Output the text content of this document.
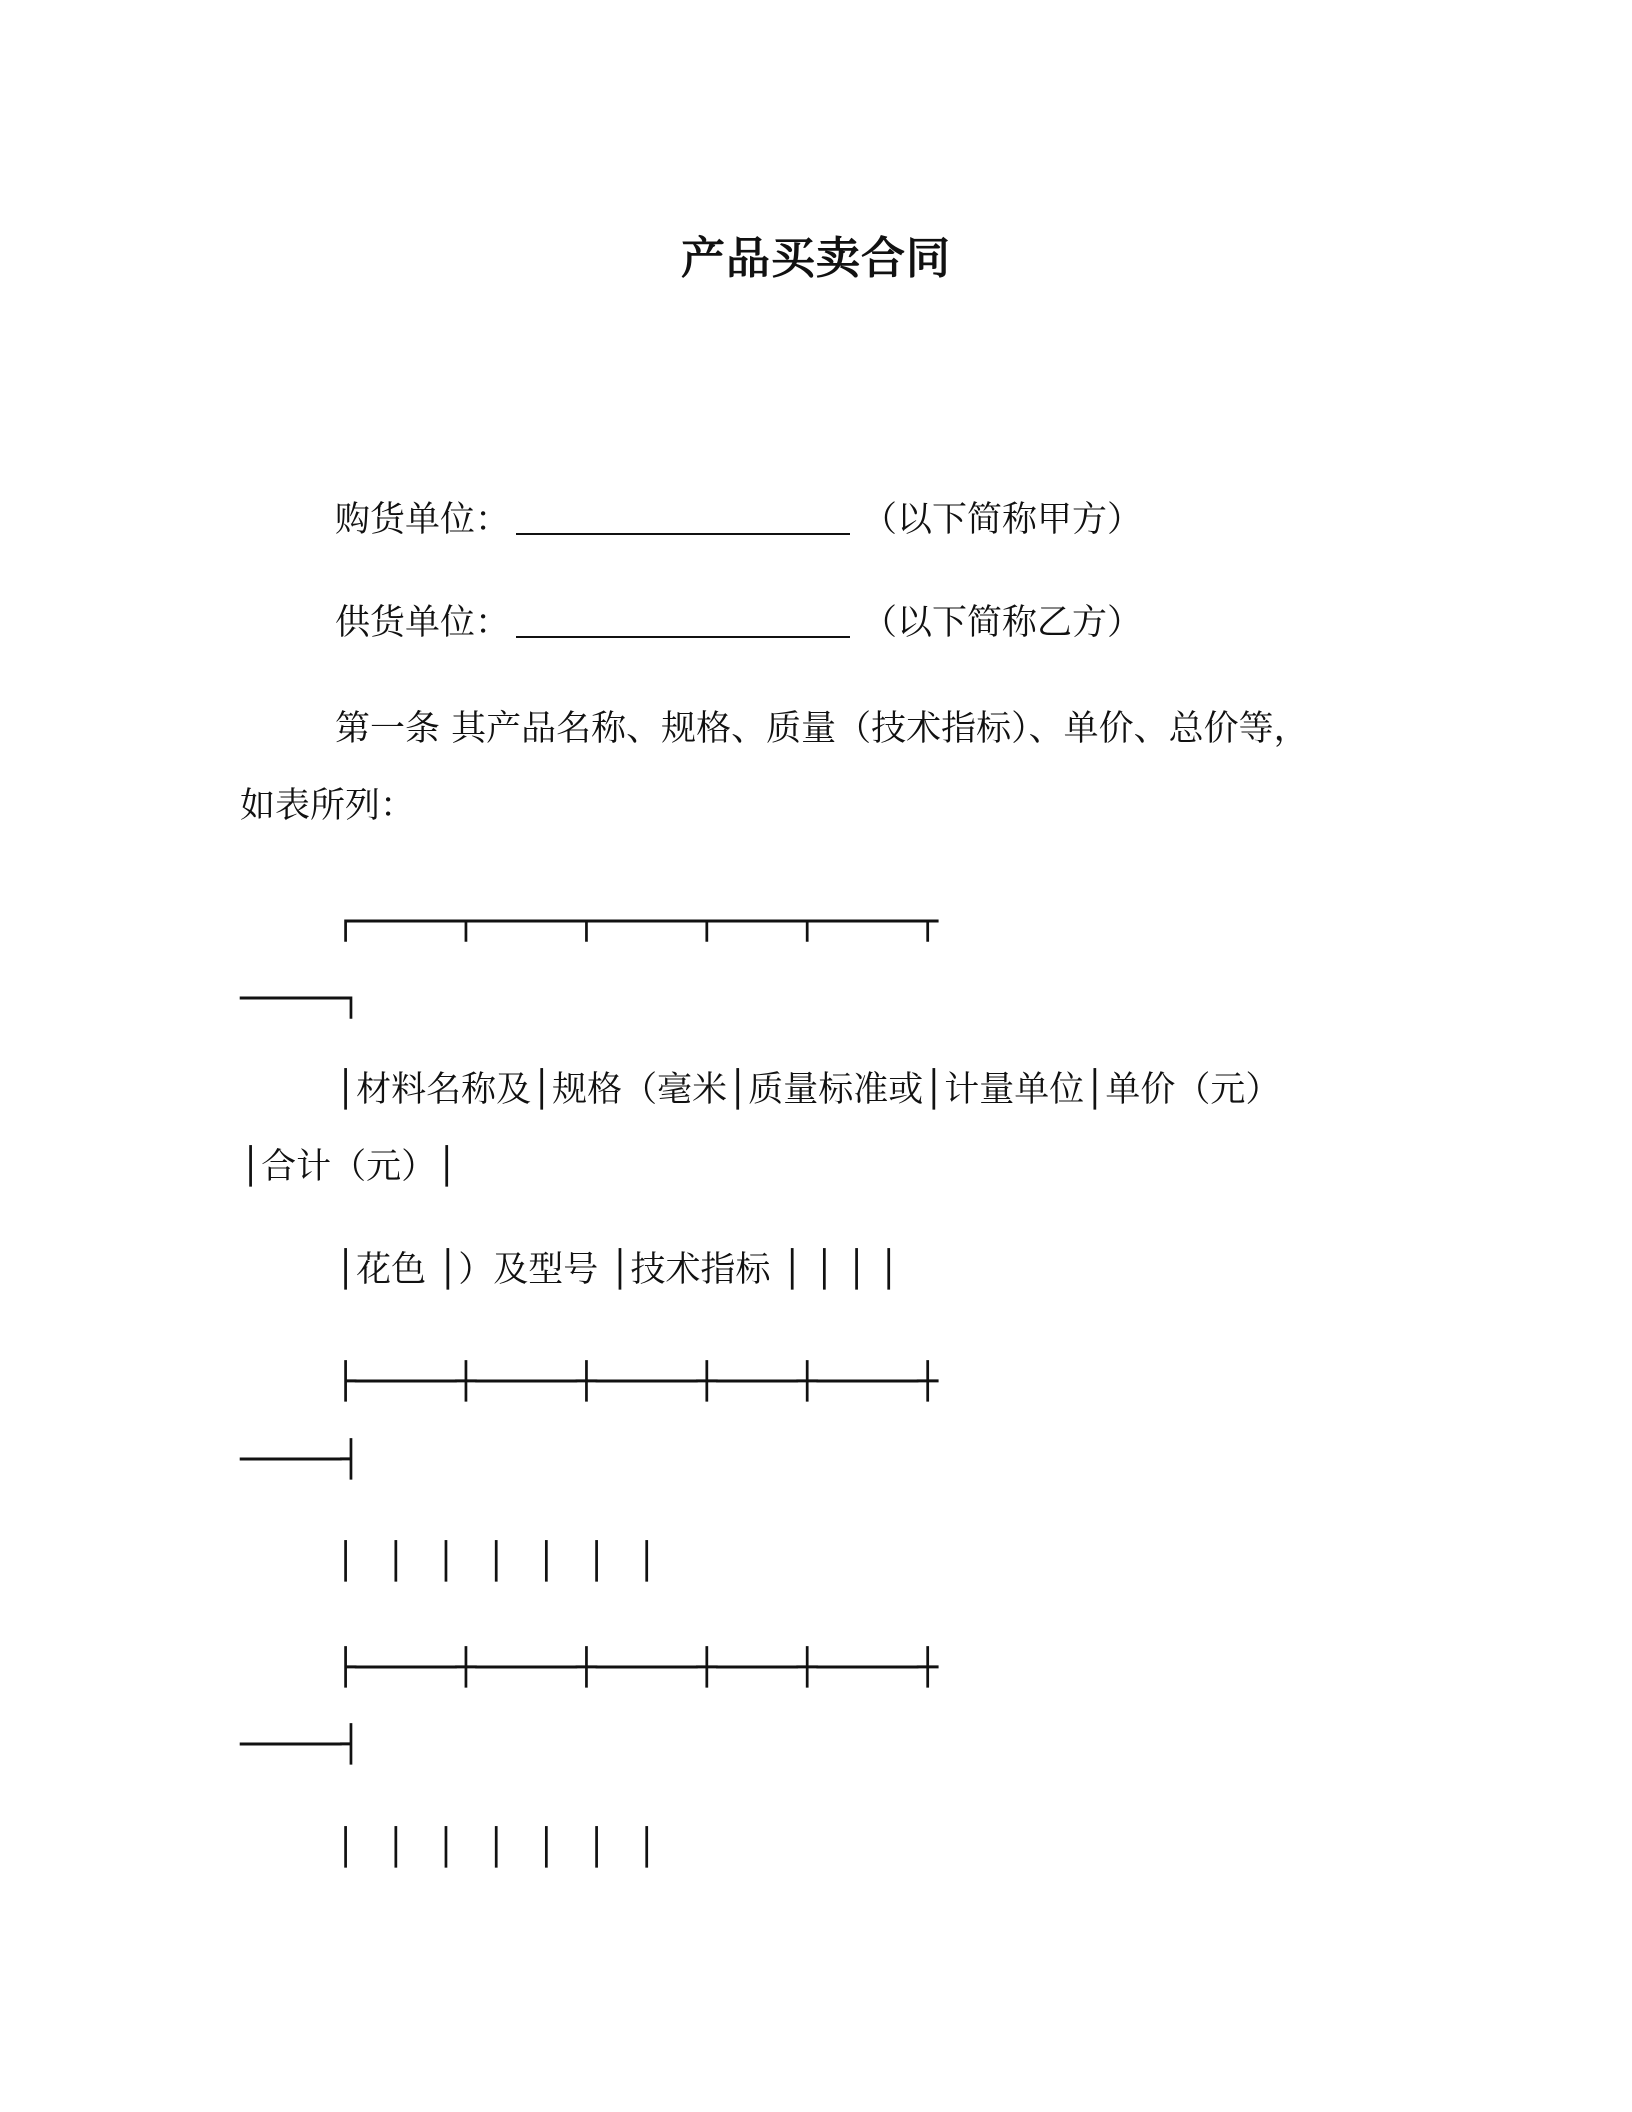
产品买卖合同
购货单位：	（以下简称甲方）
供货单位：	（以下简称乙方）
第一条 其产品名称、规格、质量（技术指标）、单价、总价等，
如表所列：
┌─────┬─────┬─────┬────┬─────┬
─────┐
│材料名称及│规格（毫米│质量标准或│计量单位│单价（元）
│合计（元）│
│花色 │）及型号 │技术指标 │ │ │ │
├─────┼─────┼─────┼────┼─────┼
─────┤
│ │ │ │ │ │ │
├─────┼─────┼─────┼────┼─────┼
─────┤
│ │ │ │ │ │ │
